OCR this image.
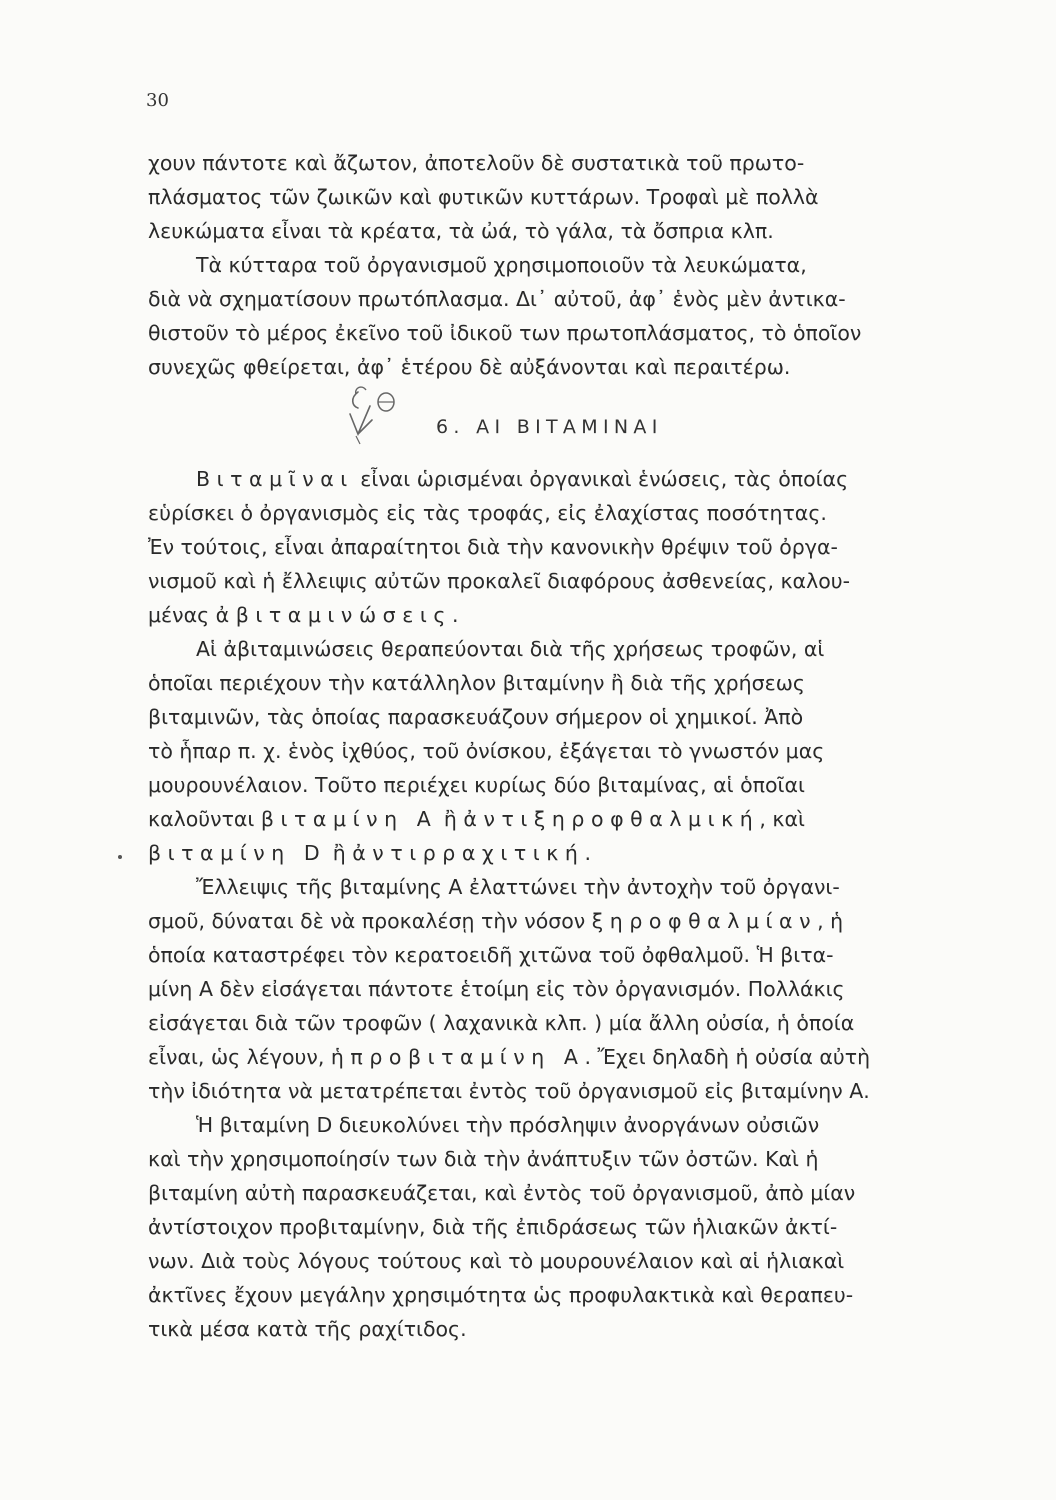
30
χουν πάντοτε καὶ ἄζωτον, ἀποτελοῦν δὲ συστατικὰ τοῦ πρωτο-
πλάσματος τῶν ζωικῶν καὶ φυτικῶν κυττάρων. Τροφαὶ μὲ πολλὰ
λευκώματα εἶναι τὰ κρέατα, τὰ ὠά, τὸ γάλα, τὰ ὄσπρια κλπ.
Τὰ κύτταρα τοῦ ὀργανισμοῦ χρησιμοποιοῦν τὰ λευκώματα,
διὰ νὰ σχηματίσουν πρωτόπλασμα. Δι᾽ αὐτοῦ, ἀφ᾽ ἑνὸς μὲν ἀντικα-
θιστοῦν τὸ μέρος ἐκεῖνο τοῦ ἰδικοῦ των πρωτοπλάσματος, τὸ ὁποῖον
συνεχῶς φθείρεται, ἀφ᾽ ἑτέρου δὲ αὐξάνονται καὶ περαιτέρω.
6. ΑΙ ΒΙΤΑΜΙΝΑΙ
Βιταμῖναι εἶναι ὡρισμέναι ὀργανικαὶ ἑνώσεις, τὰς ὁποίας
εὑρίσκει ὁ ὀργανισμὸς εἰς τὰς τροφάς, εἰς ἐλαχίστας ποσότητας.
Ἐν τούτοις, εἶναι ἀπαραίτητοι διὰ τὴν κανονικὴν θρέψιν τοῦ ὀργα-
νισμοῦ καὶ ἡ ἔλλειψις αὐτῶν προκαλεῖ διαφόρους ἀσθενείας, καλου-
μένας ἀβιταμινώσεις.
Αἱ ἀβιταμινώσεις θεραπεύονται διὰ τῆς χρήσεως τροφῶν, αἱ
ὁποῖαι περιέχουν τὴν κατάλληλον βιταμίνην ἢ διὰ τῆς χρήσεως
βιταμινῶν, τὰς ὁποίας παρασκευάζουν σήμερον οἱ χημικοί. Ἀπὸ
τὸ ἧπαρ π. χ. ἑνὸς ἰχθύος, τοῦ ὀνίσκου, ἐξάγεται τὸ γνωστόν μας
μουρουνέλαιον. Τοῦτο περιέχει κυρίως δύο βιταμίνας, αἱ ὁποῖαι
καλοῦνται βιταμίνη Α ἢ ἀντιξηροφθαλμική, καὶ
βιταμίνη D ἢ ἀντιρραχιτική.
Ἔλλειψις τῆς βιταμίνης Α ἐλαττώνει τὴν ἀντοχὴν τοῦ ὀργανι-
σμοῦ, δύναται δὲ νὰ προκαλέσῃ τὴν νόσον ξηροφθαλμίαν, ἡ
ὁποία καταστρέφει τὸν κερατοειδῆ χιτῶνα τοῦ ὀφθαλμοῦ. Ἡ βιτα-
μίνη Α δὲν εἰσάγεται πάντοτε ἑτοίμη εἰς τὸν ὀργανισμόν. Πολλάκις
εἰσάγεται διὰ τῶν τροφῶν ( λαχανικὰ κλπ. ) μία ἄλλη οὐσία, ἡ ὁποία
εἶναι, ὡς λέγουν, ἡ προβιταμίνη Α. Ἔχει δηλαδὴ ἡ οὐσία αὐτὴ
τὴν ἰδιότητα νὰ μετατρέπεται ἐντὸς τοῦ ὀργανισμοῦ εἰς βιταμίνην Α.
Ἡ βιταμίνη D διευκολύνει τὴν πρόσληψιν ἀνοργάνων οὐσιῶν
καὶ τὴν χρησιμοποίησίν των διὰ τὴν ἀνάπτυξιν τῶν ὀστῶν. Καὶ ἡ
βιταμίνη αὐτὴ παρασκευάζεται, καὶ ἐντὸς τοῦ ὀργανισμοῦ, ἀπὸ μίαν
ἀντίστοιχον προβιταμίνην, διὰ τῆς ἐπιδράσεως τῶν ἡλιακῶν ἀκτί-
νων. Διὰ τοὺς λόγους τούτους καὶ τὸ μουρουνέλαιον καὶ αἱ ἡλιακαὶ
ἀκτῖνες ἔχουν μεγάλην χρησιμότητα ὡς προφυλακτικὰ καὶ θεραπευ-
τικὰ μέσα κατὰ τῆς ραχίτιδος.
